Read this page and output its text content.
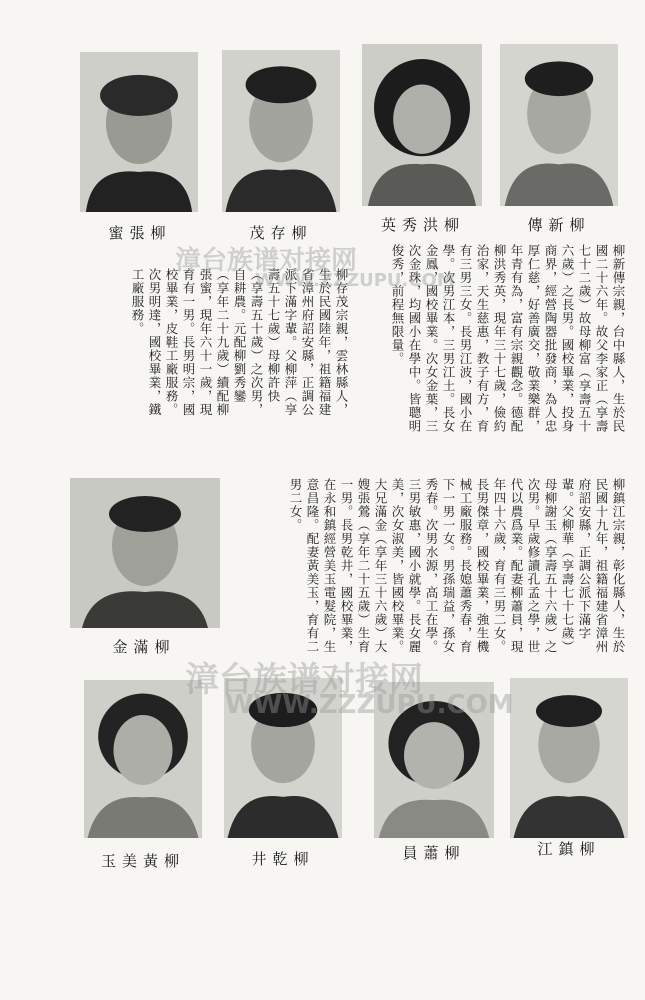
柳張蜜	柳存茂	柳洪秀英	柳新傳
柳新傳宗親，台中縣人，生於民國二十六年。故父李家正（享壽七十二歲）故母柳富（享壽五十六歲）之長男。國校畢業，投身商界，經營陶器批發商，為人忠厚仁慈，好善廣交，敬業樂群，年青有為，富有宗親觀念。德配柳洪秀英，現年三十七歲，儉約治家，天生慈惠，教子有方，育有三男三女。長男江波，國小在學。次男江本，三男江土。長女金鳳，國校畢業。次女金葉，三次金珠，均國小在學中。皆聰明俊秀，前程無限量。
柳存茂宗親，雲林縣人，生於民國陸年，祖籍福建省漳州府詔安縣，正調公派下滿字輩。父柳萍（享壽五十七歲）母柳許快（享壽五十歲）之次男，自耕農。元配柳劉秀鑾（享年二十九歲）續配柳張蜜，現年六十一歲，現育有一男。長男明宗，國校畢業，皮鞋工廠服務。次男明達，國校畢業，鐵工廠服務。
柳鎮江宗親，彰化縣人，生於民國十九年，祖籍福建省漳州府詔安縣，正調公派下滿字輩。父柳華（享壽七十七歲）母柳謝玉（享壽五十六歲）之次男。早歲修讀孔孟之學，世代以農爲業。配妻柳蕭員，現年四十六歲，育有三男二女。長男傑章，國校畢業，強生機械工廠服務。長媳蕭秀春，育下一男一女。男孫瑞益，孫女秀春。次男水源，高工在學。三男敏惠，國小就學。長女麗美，次女淑美，皆國校畢業。大兄滿金（享年三十六歲）大嫂張鶯（享年二十五歲）生育一男。長男乾井，國校畢業，在永和鎮經營美玉電髮院，生意昌隆。配妻黃美玉，育有二男二女。
柳滿金
柳黃美玉	柳乾井	柳蕭員	柳鎮江
漳台族谱对接网
WWW.ZZZUPU.COM
漳台族谱对接网
WWW.ZZZUPU.COM
